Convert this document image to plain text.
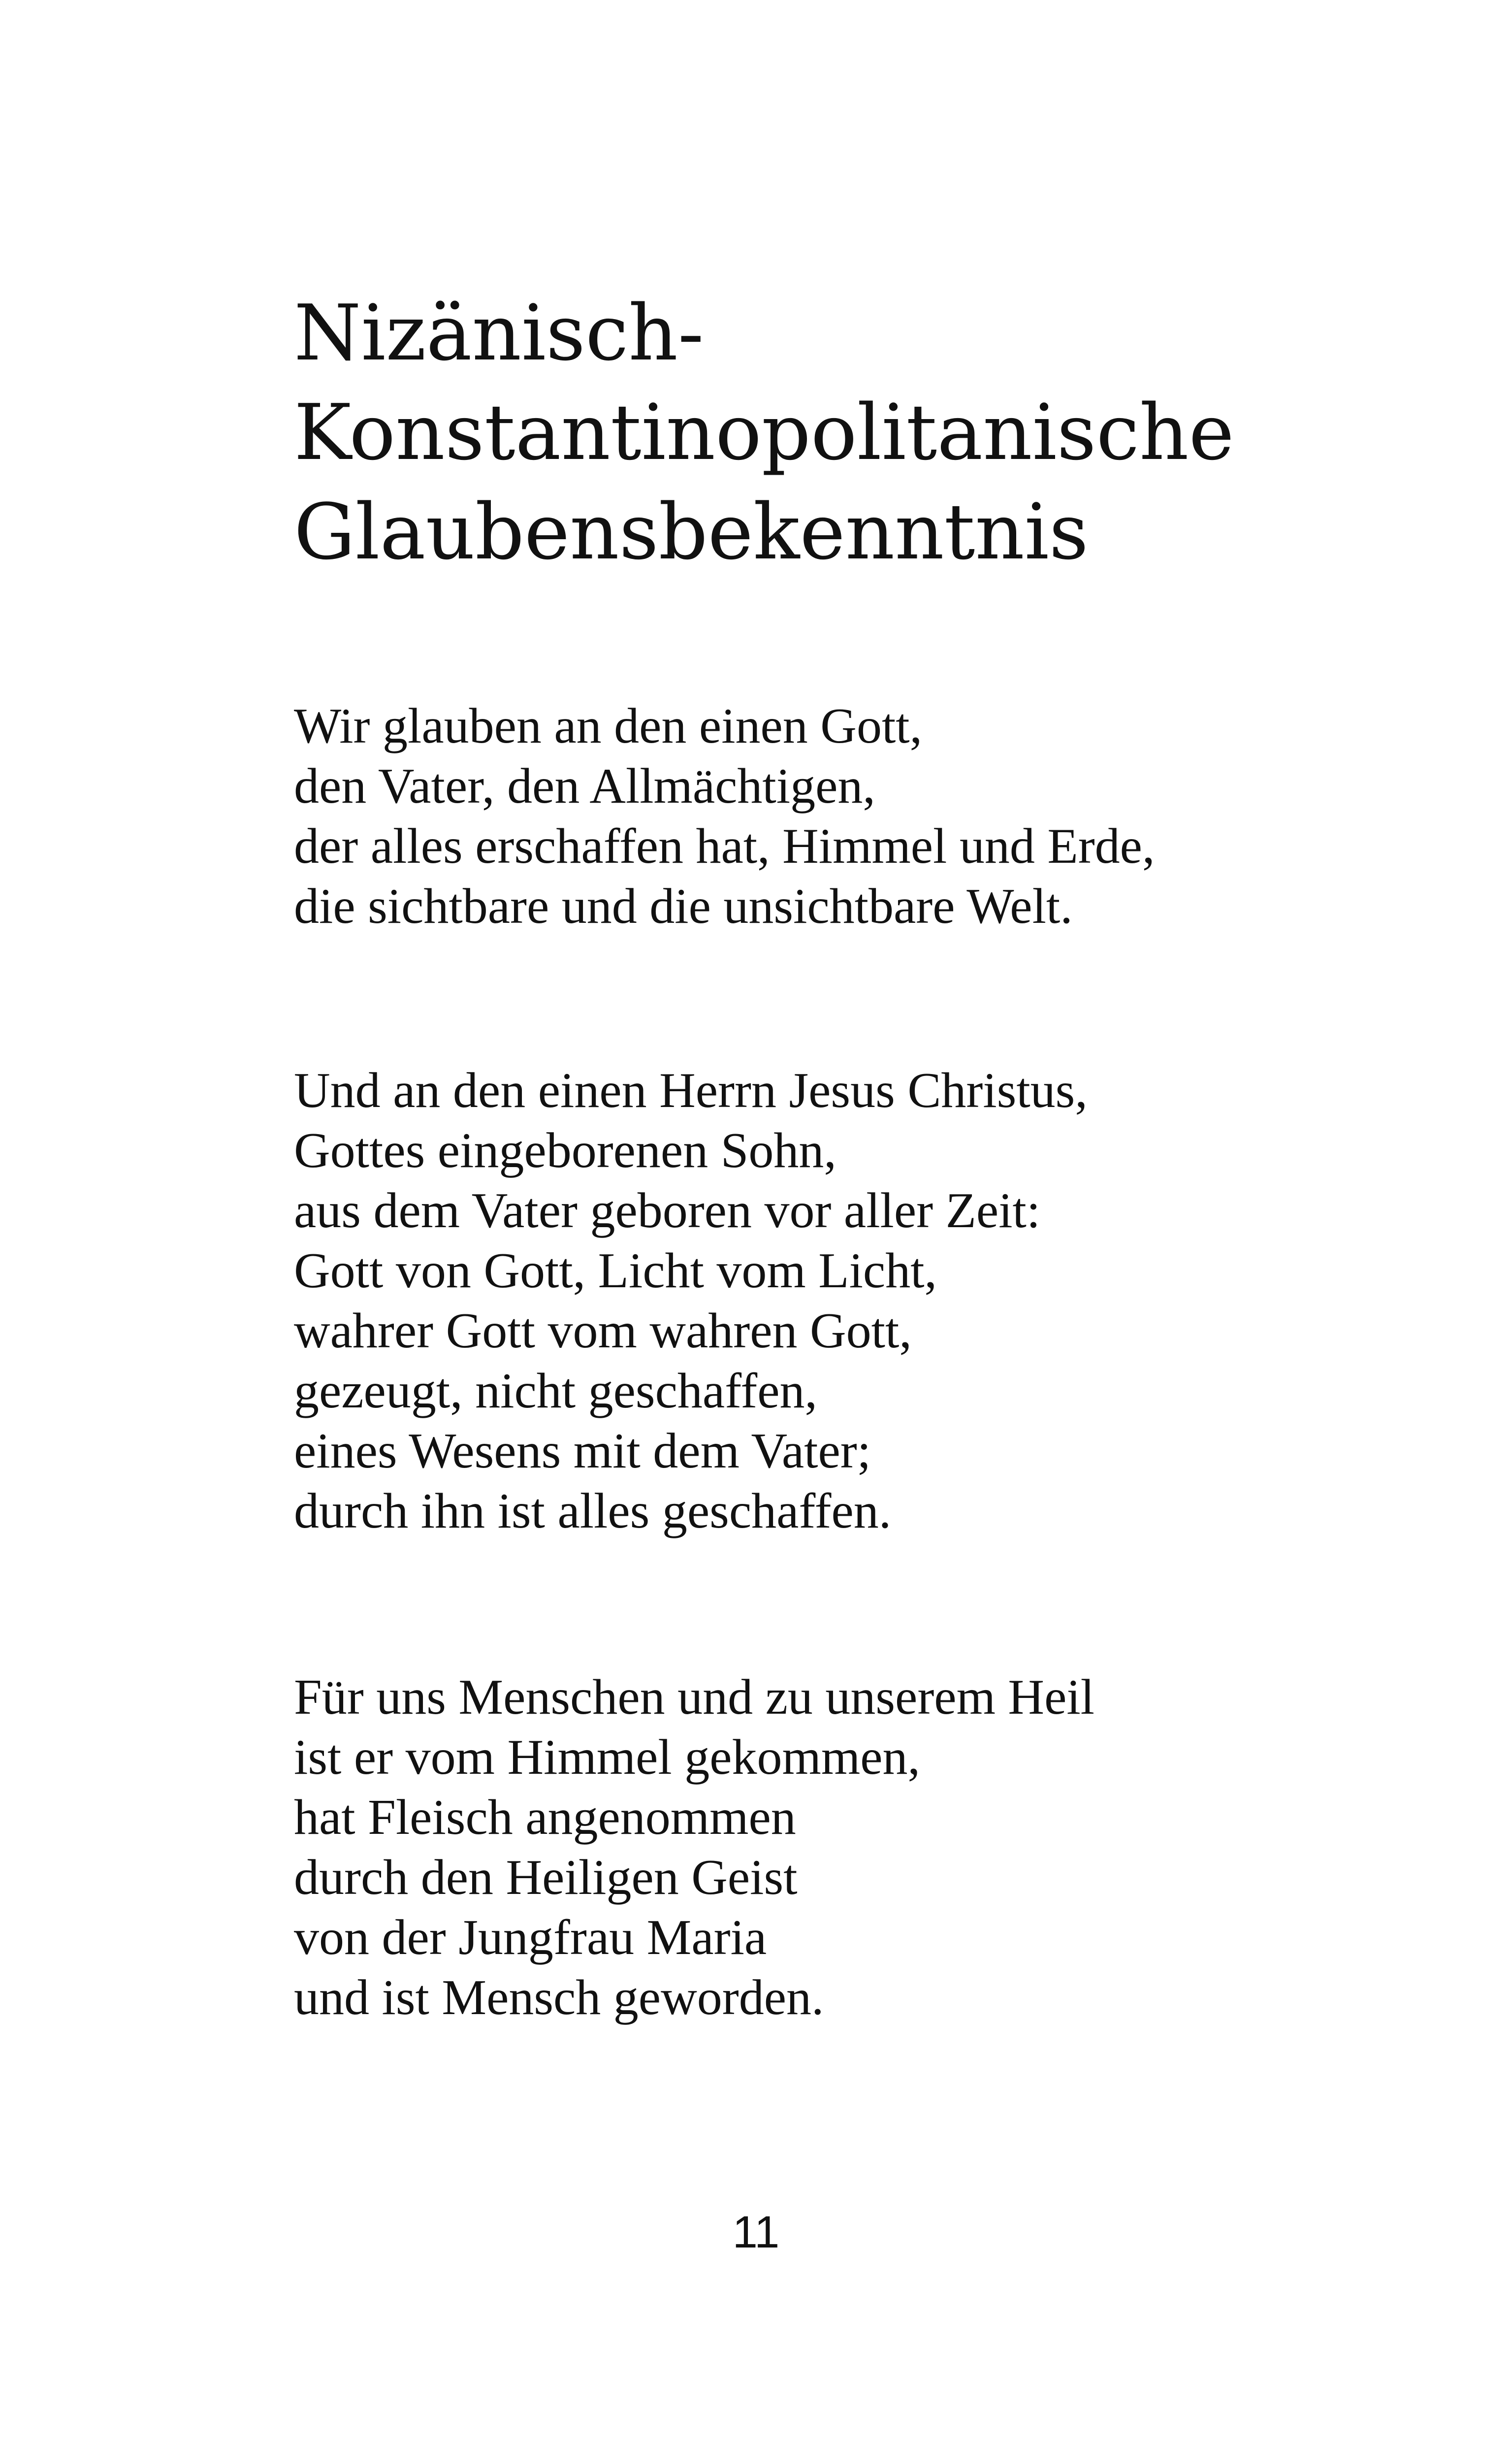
Nizänisch-
Konstantinopolitanische
Glaubensbekenntnis

Wir glauben an den einen Gott,
den Vater, den Allmächtigen,
der alles erschaffen hat, Himmel und Erde,
die sichtbare und die unsichtbare Welt.

Und an den einen Herrn Jesus Christus,
Gottes eingeborenen Sohn,
aus dem Vater geboren vor aller Zeit:
Gott von Gott, Licht vom Licht,
wahrer Gott vom wahren Gott,
gezeugt, nicht geschaffen,
eines Wesens mit dem Vater;
durch ihn ist alles geschaffen.

Für uns Menschen und zu unserem Heil
ist er vom Himmel gekommen,
hat Fleisch angenommen
durch den Heiligen Geist
von der Jungfrau Maria
und ist Mensch geworden.

11
